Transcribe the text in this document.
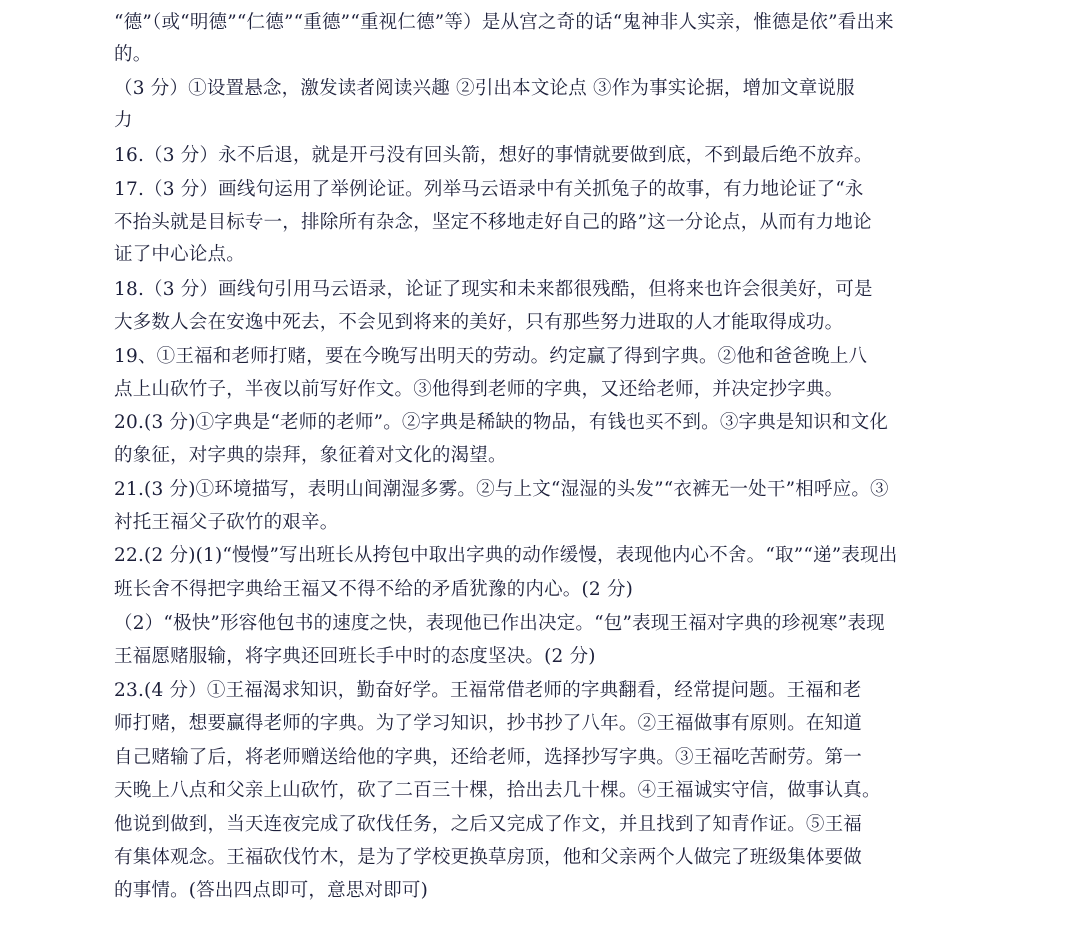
“德”（或“明德”“仁德”“重德”“重视仁德”等）是从宫之奇的话“鬼神非人实亲，惟德是依”看出来
的。
（3 分）①设置悬念，激发读者阅读兴趣 ②引出本文论点 ③作为事实论据，增加文章说服
力
16.（3 分）永不后退，就是开弓没有回头箭，想好的事情就要做到底，不到最后绝不放弃。
17.（3 分）画线句运用了举例论证。列举马云语录中有关抓兔子的故事，有力地论证了“永
不抬头就是目标专一，排除所有杂念，坚定不移地走好自己的路”这一分论点，从而有力地论
证了中心论点。
18.（3 分）画线句引用马云语录，论证了现实和未来都很残酷，但将来也许会很美好，可是
大多数人会在安逸中死去，不会见到将来的美好，只有那些努力进取的人才能取得成功。
19、①王福和老师打赌，要在今晚写出明天的劳动。约定赢了得到字典。②他和爸爸晚上八
点上山砍竹子，半夜以前写好作文。③他得到老师的字典，又还给老师，并决定抄字典。
20.(3 分)①字典是“老师的老师”。②字典是稀缺的物品，有钱也买不到。③字典是知识和文化
的象征，对字典的崇拜，象征着对文化的渴望。
21.(3 分)①环境描写，表明山间潮湿多雾。②与上文“湿湿的头发”“衣裤无一处干”相呼应。③
衬托王福父子砍竹的艰辛。
22.(2 分)(1)“慢慢”写出班长从挎包中取出字典的动作缓慢，表现他内心不舍。“取”“递”表现出
班长舍不得把字典给王福又不得不给的矛盾犹豫的内心。(2 分)
（2）“极快”形容他包书的速度之快，表现他已作出决定。“包”表现王福对字典的珍视寒”表现
王福愿赌服输，将字典还回班长手中时的态度坚决。(2 分)
23.(4 分）①王福渴求知识，勤奋好学。王福常借老师的字典翻看，经常提问题。王福和老
师打赌，想要赢得老师的字典。为了学习知识，抄书抄了八年。②王福做事有原则。在知道
自己赌输了后，将老师赠送给他的字典，还给老师，选择抄写字典。③王福吃苦耐劳。第一
天晚上八点和父亲上山砍竹，砍了二百三十棵，拾出去几十棵。④王福诚实守信，做事认真。
他说到做到，当天连夜完成了砍伐任务，之后又完成了作文，并且找到了知青作证。⑤王福
有集体观念。王福砍伐竹木，是为了学校更换草房顶，他和父亲两个人做完了班级集体要做
的事情。(答出四点即可，意思对即可)
